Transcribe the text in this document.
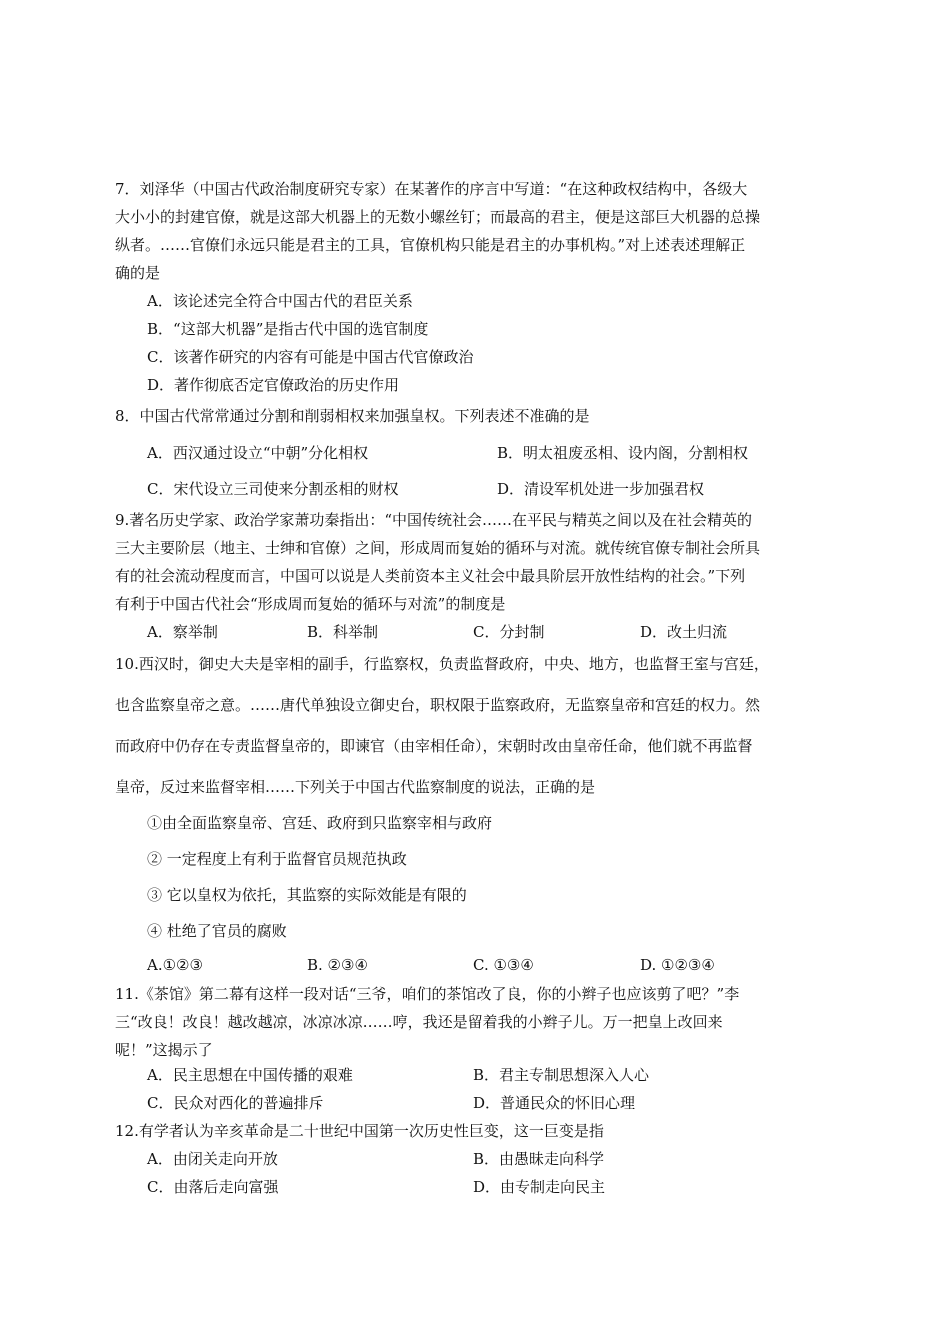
7．刘泽华（中国古代政治制度研究专家）在某著作的序言中写道：“在这种政权结构中，各级大
大小小的封建官僚，就是这部大机器上的无数小螺丝钉；而最高的君主，便是这部巨大机器的总操
纵者。……官僚们永远只能是君主的工具，官僚机构只能是君主的办事机构。”对上述表述理解正
确的是
A．该论述完全符合中国古代的君臣关系
B．“这部大机器”是指古代中国的选官制度
C．该著作研究的内容有可能是中国古代官僚政治
D．著作彻底否定官僚政治的历史作用
8．中国古代常常通过分割和削弱相权来加强皇权。下列表述不准确的是
A．西汉通过设立“中朝”分化相权	B．明太祖废丞相、设内阁，分割相权
C．宋代设立三司使来分割丞相的财权	D．清设军机处进一步加强君权
9.著名历史学家、政治学家萧功秦指出：“中国传统社会……在平民与精英之间以及在社会精英的
三大主要阶层（地主、士绅和官僚）之间，形成周而复始的循环与对流。就传统官僚专制社会所具
有的社会流动程度而言，中国可以说是人类前资本主义社会中最具阶层开放性结构的社会。”下列
有利于中国古代社会“形成周而复始的循环与对流”的制度是
A．察举制	B．科举制	C．分封制	D．改土归流
10.西汉时，御史大夫是宰相的副手，行监察权，负责监督政府，中央、地方，也监督王室与宫廷，
也含监察皇帝之意。……唐代单独设立御史台，职权限于监察政府，无监察皇帝和宫廷的权力。然
而政府中仍存在专责监督皇帝的，即谏官（由宰相任命），宋朝时改由皇帝任命，他们就不再监督
皇帝，反过来监督宰相……下列关于中国古代监察制度的说法，正确的是
①由全面监察皇帝、宫廷、政府到只监察宰相与政府
② 一定程度上有利于监督官员规范执政
③ 它以皇权为依托，其监察的实际效能是有限的
④ 杜绝了官员的腐败
A.①②③	B. ②③④	C. ①③④	D. ①②③④
11.《茶馆》第二幕有这样一段对话“三爷，咱们的茶馆改了良，你的小辫子也应该剪了吧？”李
三“改良！改良！越改越凉，冰凉冰凉……哼，我还是留着我的小辫子儿。万一把皇上改回来
呢！”这揭示了
A．民主思想在中国传播的艰难	B．君主专制思想深入人心
C．民众对西化的普遍排斥	D．普通民众的怀旧心理
12.有学者认为辛亥革命是二十世纪中国第一次历史性巨变，这一巨变是指
A．由闭关走向开放	B．由愚昧走向科学
C．由落后走向富强	D．由专制走向民主
